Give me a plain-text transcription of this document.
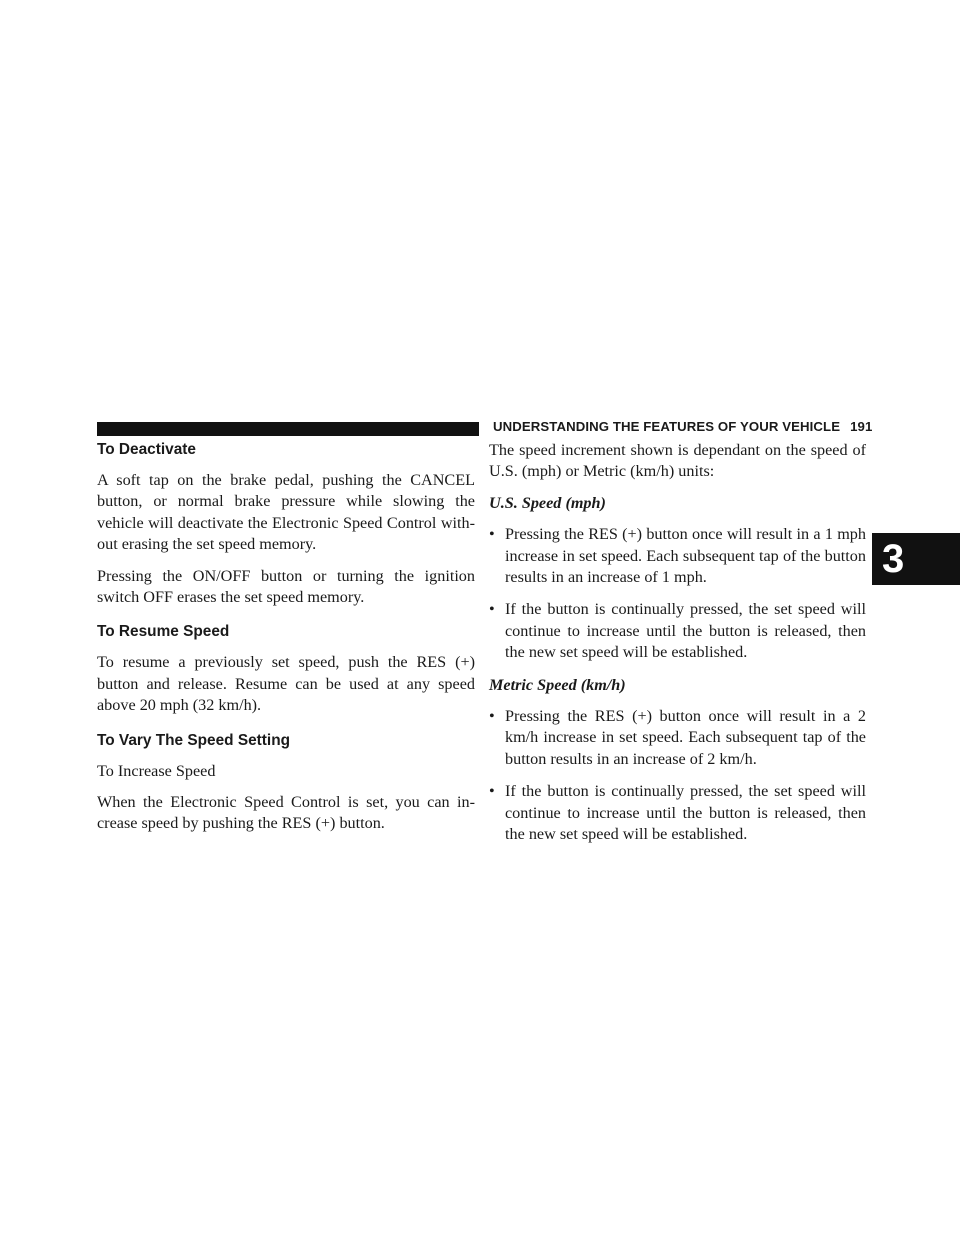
UNDERSTANDING THE FEATURES OF YOUR VEHICLE 191
3
To Deactivate

A soft tap on the brake pedal, pushing the CANCEL button, or normal brake pressure while slowing the vehicle will deactivate the Electronic Speed Control with-out erasing the set speed memory.

Pressing the ON/OFF button or turning the ignition switch OFF erases the set speed memory.

To Resume Speed

To resume a previously set speed, push the RES (+) button and release. Resume can be used at any speed above 20 mph (32 km/h).

To Vary The Speed Setting
To Increase Speed

When the Electronic Speed Control is set, you can in-crease speed by pushing the RES (+) button.

The speed increment shown is dependant on the speed of U.S. (mph) or Metric (km/h) units:

U.S. Speed (mph)
• Pressing the RES (+) button once will result in a 1 mph increase in set speed. Each subsequent tap of the button results in an increase of 1 mph.
• If the button is continually pressed, the set speed will continue to increase until the button is released, then the new set speed will be established.
Metric Speed (km/h)
• Pressing the RES (+) button once will result in a 2 km/h increase in set speed. Each subsequent tap of the button results in an increase of 2 km/h.
• If the button is continually pressed, the set speed will continue to increase until the button is released, then the new set speed will be established.
